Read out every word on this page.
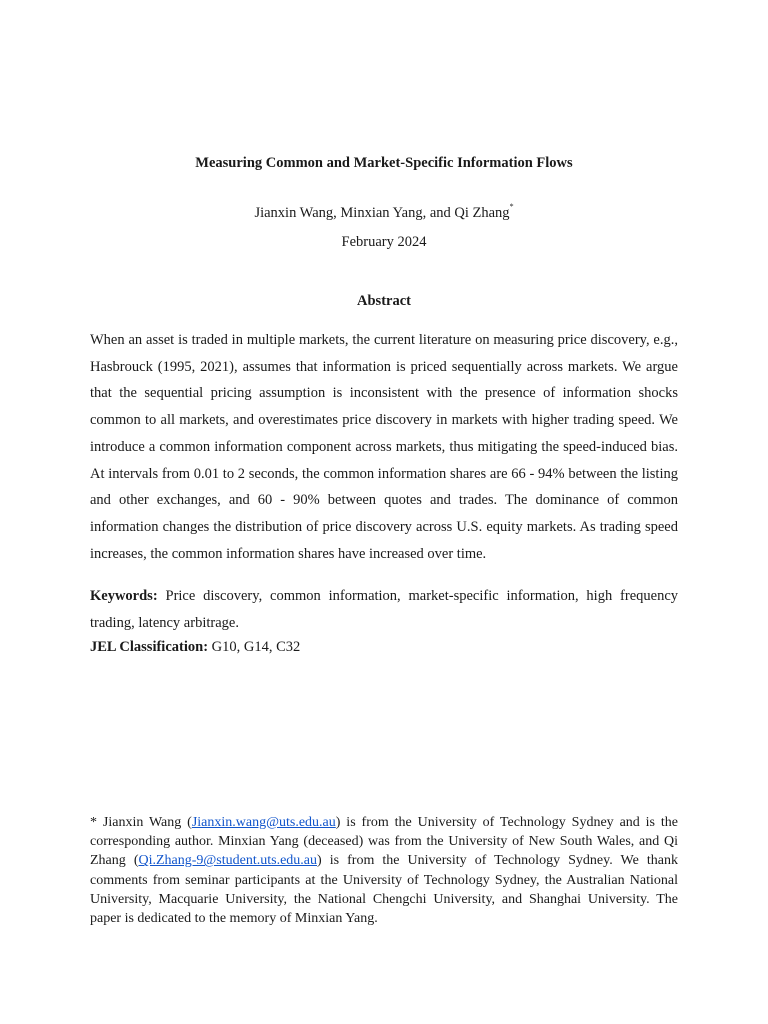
Measuring Common and Market-Specific Information Flows
Jianxin Wang, Minxian Yang, and Qi Zhang*
February 2024
Abstract
When an asset is traded in multiple markets, the current literature on measuring price discovery, e.g., Hasbrouck (1995, 2021), assumes that information is priced sequentially across markets. We argue that the sequential pricing assumption is inconsistent with the presence of information shocks common to all markets, and overestimates price discovery in markets with higher trading speed. We introduce a common information component across markets, thus mitigating the speed-induced bias. At intervals from 0.01 to 2 seconds, the common information shares are 66 - 94% between the listing and other exchanges, and 60 - 90% between quotes and trades. The dominance of common information changes the distribution of price discovery across U.S. equity markets. As trading speed increases, the common information shares have increased over time.
Keywords: Price discovery, common information, market-specific information, high frequency trading, latency arbitrage.
JEL Classification: G10, G14, C32
* Jianxin Wang (Jianxin.wang@uts.edu.au) is from the University of Technology Sydney and is the corresponding author. Minxian Yang (deceased) was from the University of New South Wales, and Qi Zhang (Qi.Zhang-9@student.uts.edu.au) is from the University of Technology Sydney. We thank comments from seminar participants at the University of Technology Sydney, the Australian National University, Macquarie University, the National Chengchi University, and Shanghai University. The paper is dedicated to the memory of Minxian Yang.
